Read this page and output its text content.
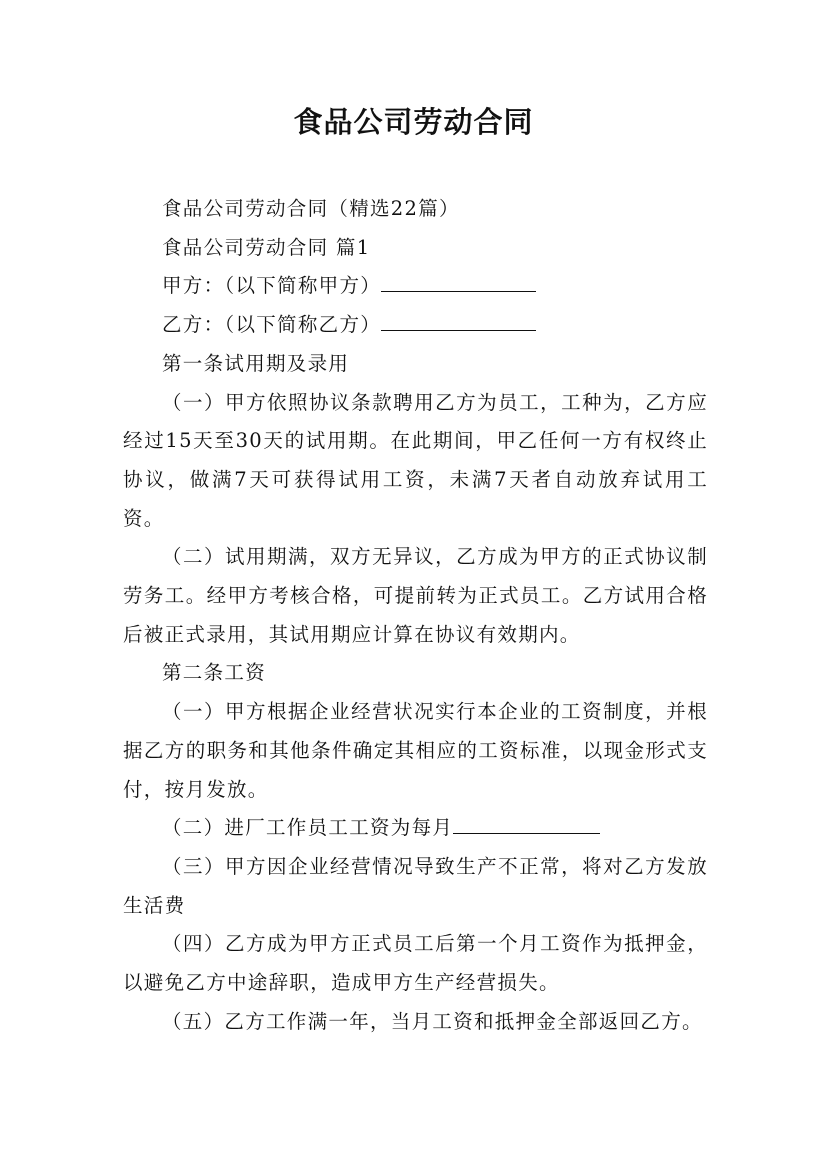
食品公司劳动合同

食品公司劳动合同（精选22篇）

食品公司劳动合同 篇1

甲方：（以下简称甲方）

乙方：（以下简称乙方）

第一条试用期及录用

（一）甲方依照协议条款聘用乙方为员工，工种为，乙方应经过15天至30天的试用期。在此期间，甲乙任何一方有权终止协议，做满7天可获得试用工资，未满7天者自动放弃试用工资。

（二）试用期满，双方无异议，乙方成为甲方的正式协议制劳务工。经甲方考核合格，可提前转为正式员工。乙方试用合格后被正式录用，其试用期应计算在协议有效期内。

第二条工资

（一）甲方根据企业经营状况实行本企业的工资制度，并根据乙方的职务和其他条件确定其相应的工资标准，以现金形式支付，按月发放。

（二）进厂工作员工工资为每月

（三）甲方因企业经营情况导致生产不正常，将对乙方发放生活费

（四）乙方成为甲方正式员工后第一个月工资作为抵押金，以避免乙方中途辞职，造成甲方生产经营损失。

（五）乙方工作满一年，当月工资和抵押金全部返回乙方。
